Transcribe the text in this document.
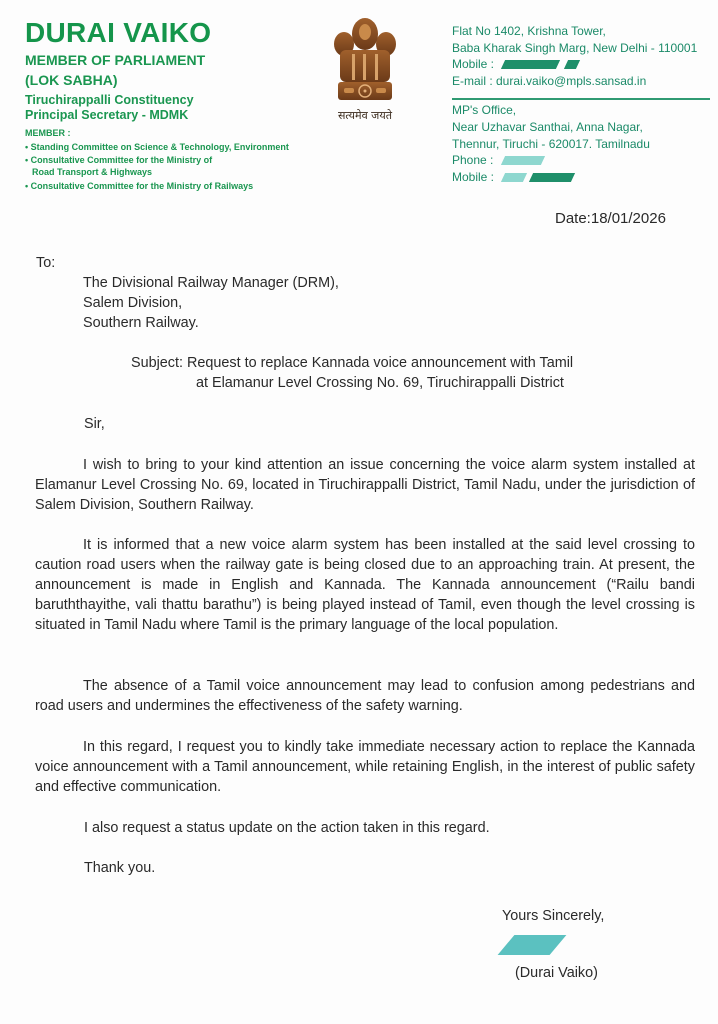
DURAI VAIKO
MEMBER OF PARLIAMENT
(LOK SABHA)
Tiruchirappalli Constituency
Principal Secretary - MDMK
MEMBER :
• Standing Committee on Science & Technology, Environment
• Consultative Committee for the Ministry of
Road Transport & Highways
• Consultative Committee for the Ministry of Railways
सत्यमेव जयते
Flat No 1402, Krishna Tower,
Baba Kharak Singh Marg, New Delhi - 110001
Mobile :
E-mail : durai.vaiko@mpls.sansad.in
MP's Office,
Near Uzhavar Santhai, Anna Nagar,
Thennur, Tiruchi - 620017. Tamilnadu
Phone :
Mobile :
Date:18/01/2026
To:
The Divisional Railway Manager (DRM),
Salem Division,
Southern Railway.
Subject: Request to replace Kannada voice announcement with Tamil
at Elamanur Level Crossing No. 69, Tiruchirappalli District
Sir,
I wish to bring to your kind attention an issue concerning the voice alarm system installed at Elamanur Level Crossing No. 69, located in Tiruchirappalli District, Tamil Nadu, under the jurisdiction of Salem Division, Southern Railway.
It is informed that a new voice alarm system has been installed at the said level crossing to caution road users when the railway gate is being closed due to an approaching train. At present, the announcement is made in English and Kannada. The Kannada announcement (“Railu bandi baruththayithe, vali thattu barathu”) is being played instead of Tamil, even though the level crossing is situated in Tamil Nadu where Tamil is the primary language of the local population.
The absence of a Tamil voice announcement may lead to confusion among pedestrians and road users and undermines the effectiveness of the safety warning.
In this regard, I request you to kindly take immediate necessary action to replace the Kannada voice announcement with a Tamil announcement, while retaining English, in the interest of public safety and effective communication.
I also request a status update on the action taken in this regard.
Thank you.
Yours Sincerely,
(Durai Vaiko)
